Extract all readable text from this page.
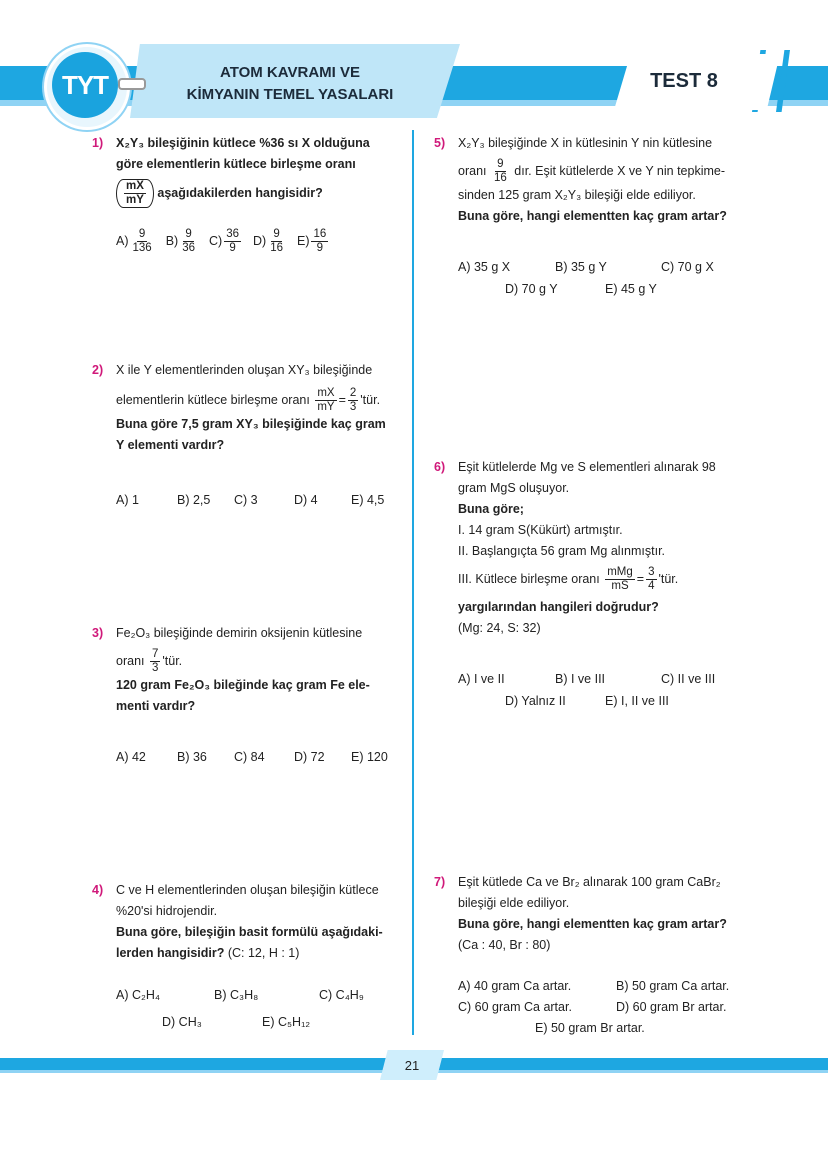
ATOM KAVRAMI VE
KİMYANIN TEMEL YASALARI
TEST 8
TYT
1) X₂Y₃ bileşiğinin kütlece %36 sı X olduğuna
göre elementlerin kütlece birleşme oranı
$\frac{mX}{mY}$ aşağıdakilerden hangisidir?
$A) \frac{9}{136} B) \frac{9}{36} C) \frac{36}{9} D) \frac{9}{16} E) \frac{16}{9}$
2) X ile Y elementlerinden oluşan XY₃ bileşiğinde
elementlerin kütlece birleşme oranı $\frac{mX}{mY} = \frac{2}{3}$ 'tür.
Buna göre 7,5 gram XY₃ bileşiğinde kaç gram
Y elementi vardır?
A) 1	B) 2,5 C) 3	D) 4	E) 4,5
3) Fe₂O₃ bileşiğinde demirin oksijenin kütlesine
oranı $\frac{7}{3}$ 'tür.
120 gram Fe₂O₃ bileğinde kaç gram Fe ele-
menti vardır?
A) 42 B) 36 C) 84 D) 72 E) 120
4) C ve H elementlerinden oluşan bileşiğin kütlece
%20'si hidrojendir.
Buna göre, bileşiğin basit formülü aşağıdaki-
lerden hangisidir? (C: 12, H : 1)
A) C₂H₄	B) C₃H₈	C) C₄H₉
D) CH₃	E) C₅H₁₂
5) X₂Y₃ bileşiğinde X in kütlesinin Y nin kütlesine
oranı $\frac{9}{16}$ dır. Eşit kütlelerde X ve Y nin tepkime-
sinden 125 gram X₂Y₃ bileşiği elde ediliyor.
Buna göre, hangi elementten kaç gram artar?
A) 35 g X	B) 35 g Y	C) 70 g X
D) 70 g Y	E) 45 g Y
6) Eşit kütlelerde Mg ve S elementleri alınarak 98
gram MgS oluşuyor.
Buna göre;
I. 14 gram S(Kükürt) artmıştır.
II. Başlangıçta 56 gram Mg alınmıştır.
III. Kütlece birleşme oranı $\frac{\text{mMg}}{mS} = \frac{3}{4}$ 'tür.
yargılarından hangileri doğrudur?
(Mg: 24, S: 32)
A) I ve II	B) I ve III	C) II ve III
D) Yalnız II	E) I, II ve III
7) Eşit kütlede Ca ve Br₂ alınarak 100 gram CaBr₂
bileşiği elde ediliyor.
Buna göre, hangi elementten kaç gram artar?
(Ca : 40, Br : 80)
A) 40 gram Ca artar.	B) 50 gram Ca artar.
C) 60 gram Ca artar.	D) 60 gram Br artar.
E) 50 gram Br artar.
21
